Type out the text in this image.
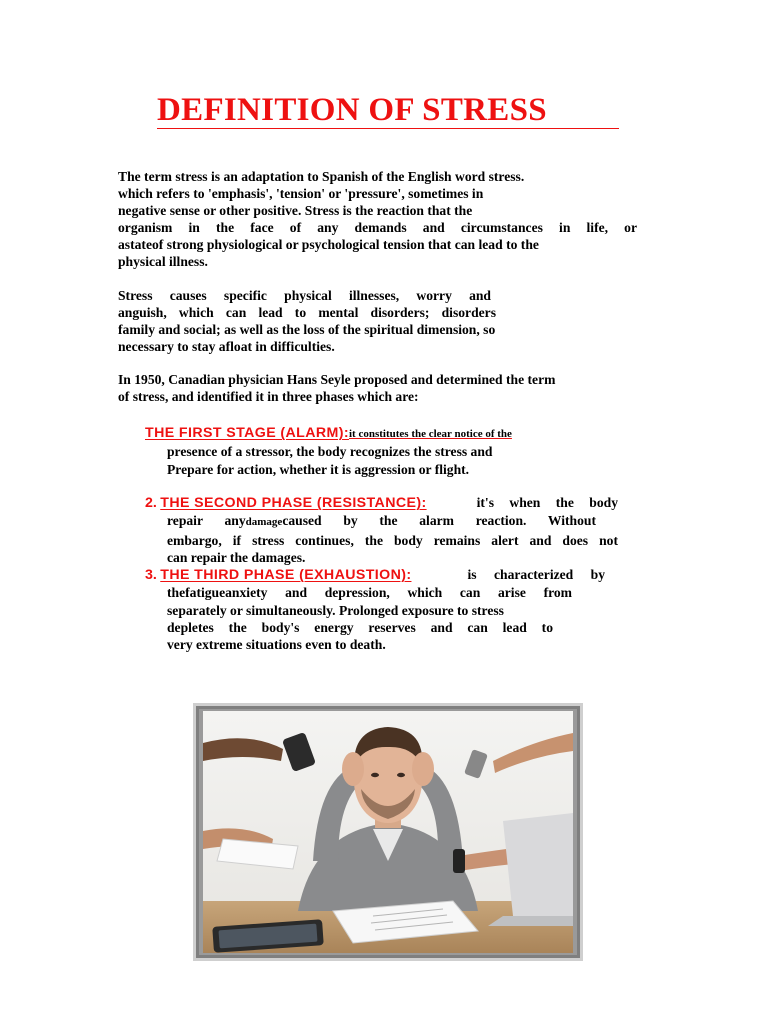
DEFINITION OF STRESS
The term stress is an adaptation to Spanish of the English word stress.
which refers to 'emphasis', 'tension' or 'pressure', sometimes in
negative sense or other positive. Stress is the reaction that the
organism in the face of any demands and circumstances in life, or
astateof strong physiological or psychological tension that can lead to the
physical illness.
Stress causes specific physical illnesses, worry and
anguish, which can lead to mental disorders; disorders
family and social; as well as the loss of the spiritual dimension, so
necessary to stay afloat in difficulties.
In 1950, Canadian physician Hans Seyle proposed and determined the term
of stress, and identified it in three phases which are:
THE FIRST STAGE (ALARM):it constitutes the clear notice of the
presence of a stressor, the body recognizes the stress and
Prepare for action, whether it is aggression or flight.
2. THE SECOND PHASE (RESISTANCE):	it's when the body
repair anydamagecaused by the alarm reaction. Without
embargo, if stress continues, the body remains alert and does not
can repair the damages.
3. THE THIRD PHASE (EXHAUSTION):	is characterized by
thefatigueanxiety and depression, which can arise from
separately or simultaneously. Prolonged exposure to stress
depletes the body's energy reserves and can lead to
very extreme situations even to death.
